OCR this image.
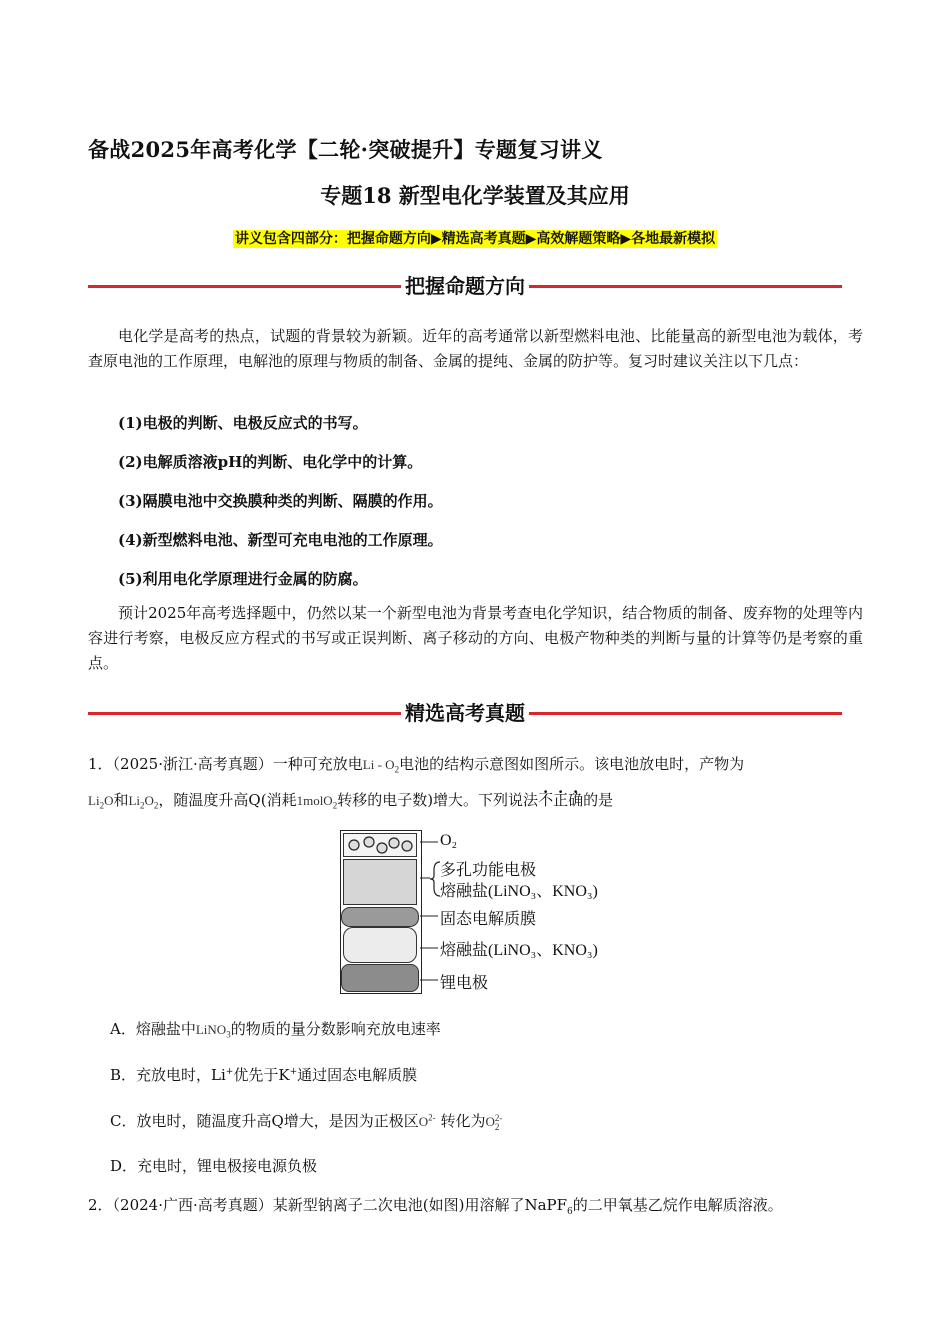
备战2025年高考化学【二轮·突破提升】专题复习讲义
专题18 新型电化学装置及其应用
讲义包含四部分：把握命题方向▶精选高考真题▶高效解题策略▶各地最新模拟
把握命题方向
电化学是高考的热点，试题的背景较为新颖。近年的高考通常以新型燃料电池、比能量高的新型电池为载体，考查原电池的工作原理，电解池的原理与物质的制备、金属的提纯、金属的防护等。复习时建议关注以下几点：
(1)电极的判断、电极反应式的书写。
(2)电解质溶液pH的判断、电化学中的计算。
(3)隔膜电池中交换膜种类的判断、隔膜的作用。
(4)新型燃料电池、新型可充电电池的工作原理。
(5)利用电化学原理进行金属的防腐。
预计2025年高考选择题中，仍然以某一个新型电池为背景考查电化学知识，结合物质的制备、废弃物的处理等内容进行考察，电极反应方程式的书写或正误判断、离子移动的方向、电极产物种类的判断与量的计算等仍是考察的重点。
精选高考真题
1．（2025·浙江·高考真题）一种可充放电Li - $O_2$电池的结构示意图如图所示。该电池放电时，产物为
$Li_2O$和$Li_2O_2$，随温度升高Q(消耗1molO$_2$转移的电子数)增大。下列说法不正确的是
O₂
多孔功能电极
熔融盐(LiNO₃、KNO₃)
固态电解质膜
熔融盐(LiNO₃、KNO₃)
锂电极
A．熔融盐中LiNO$_3$的物质的量分数影响充放电速率
B．充放电时，Li+优先于K+通过固态电解质膜
C．放电时，随温度升高Q增大，是因为正极区$O^{2-}$ 转化为O 2-
2
D．充电时，锂电极接电源负极
2．（2024·广西·高考真题）某新型钠离子二次电池(如图)用溶解了NaPF$_6$的二甲氧基乙烷作电解质溶液。
